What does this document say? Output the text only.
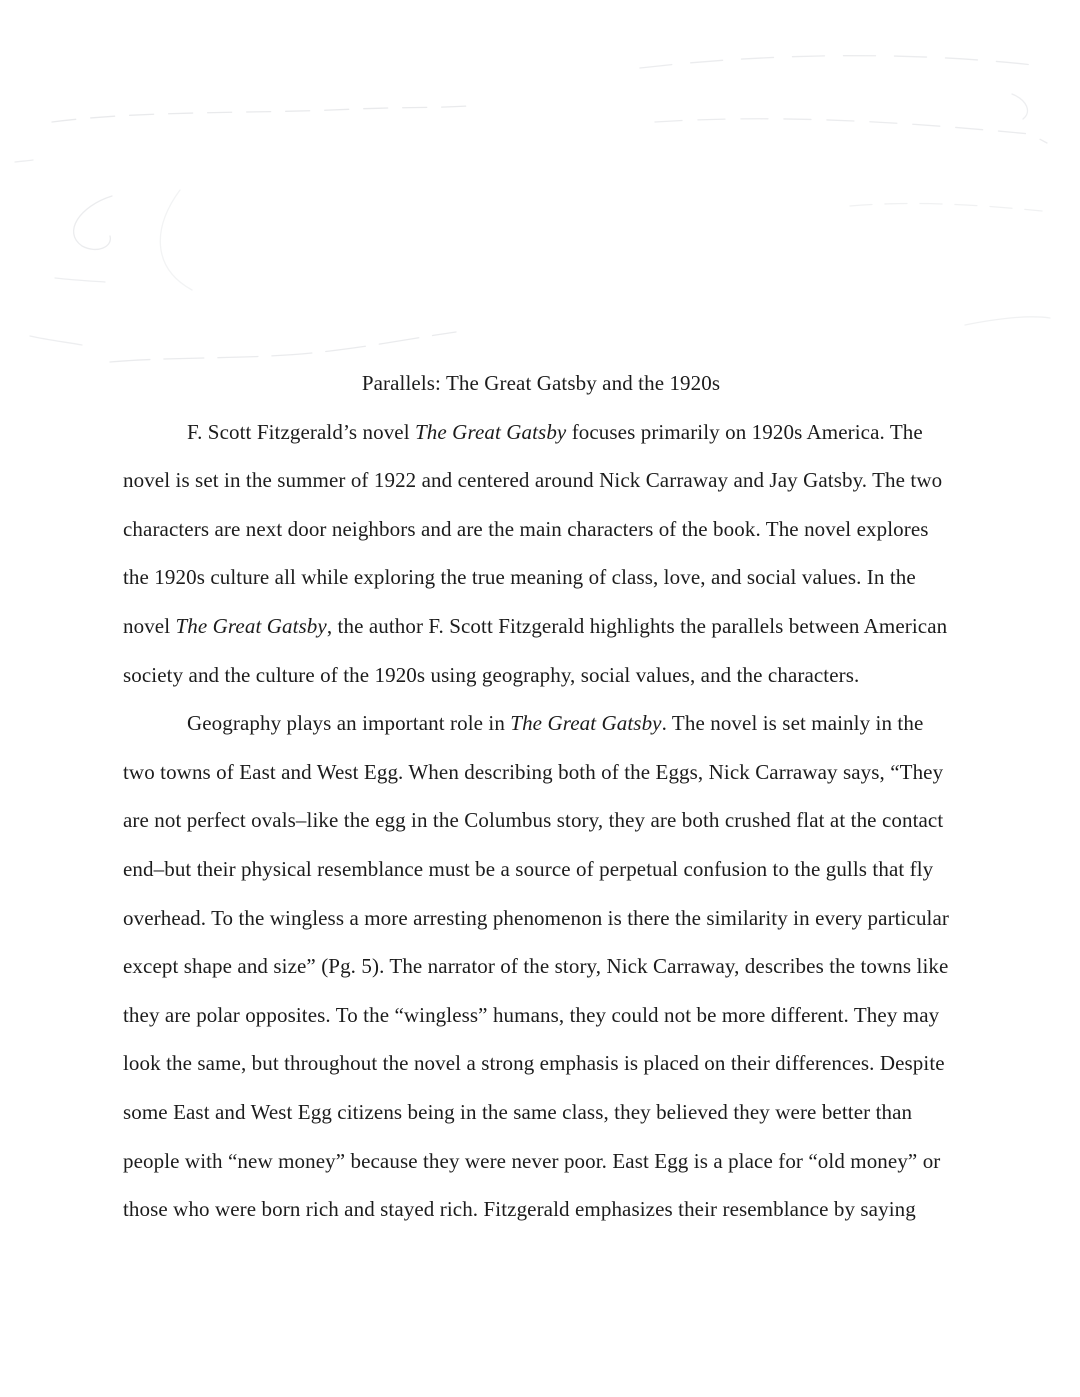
Parallels: The Great Gatsby and the 1920s
F. Scott Fitzgerald’s novel The Great Gatsby focuses primarily on 1920s America. The
novel is set in the summer of 1922 and centered around Nick Carraway and Jay Gatsby. The two
characters are next door neighbors and are the main characters of the book. The novel explores
the 1920s culture all while exploring the true meaning of class, love, and social values. In the
novel The Great Gatsby, the author F. Scott Fitzgerald highlights the parallels between American
society and the culture of the 1920s using geography, social values, and the characters.
Geography plays an important role in The Great Gatsby. The novel is set mainly in the
two towns of East and West Egg. When describing both of the Eggs, Nick Carraway says, “They
are not perfect ovals–like the egg in the Columbus story, they are both crushed flat at the contact
end–but their physical resemblance must be a source of perpetual confusion to the gulls that fly
overhead. To the wingless a more arresting phenomenon is there the similarity in every particular
except shape and size” (Pg. 5). The narrator of the story, Nick Carraway, describes the towns like
they are polar opposites. To the “wingless” humans, they could not be more different. They may
look the same, but throughout the novel a strong emphasis is placed on their differences. Despite
some East and West Egg citizens being in the same class, they believed they were better than
people with “new money” because they were never poor. East Egg is a place for “old money” or
those who were born rich and stayed rich. Fitzgerald emphasizes their resemblance by saying
